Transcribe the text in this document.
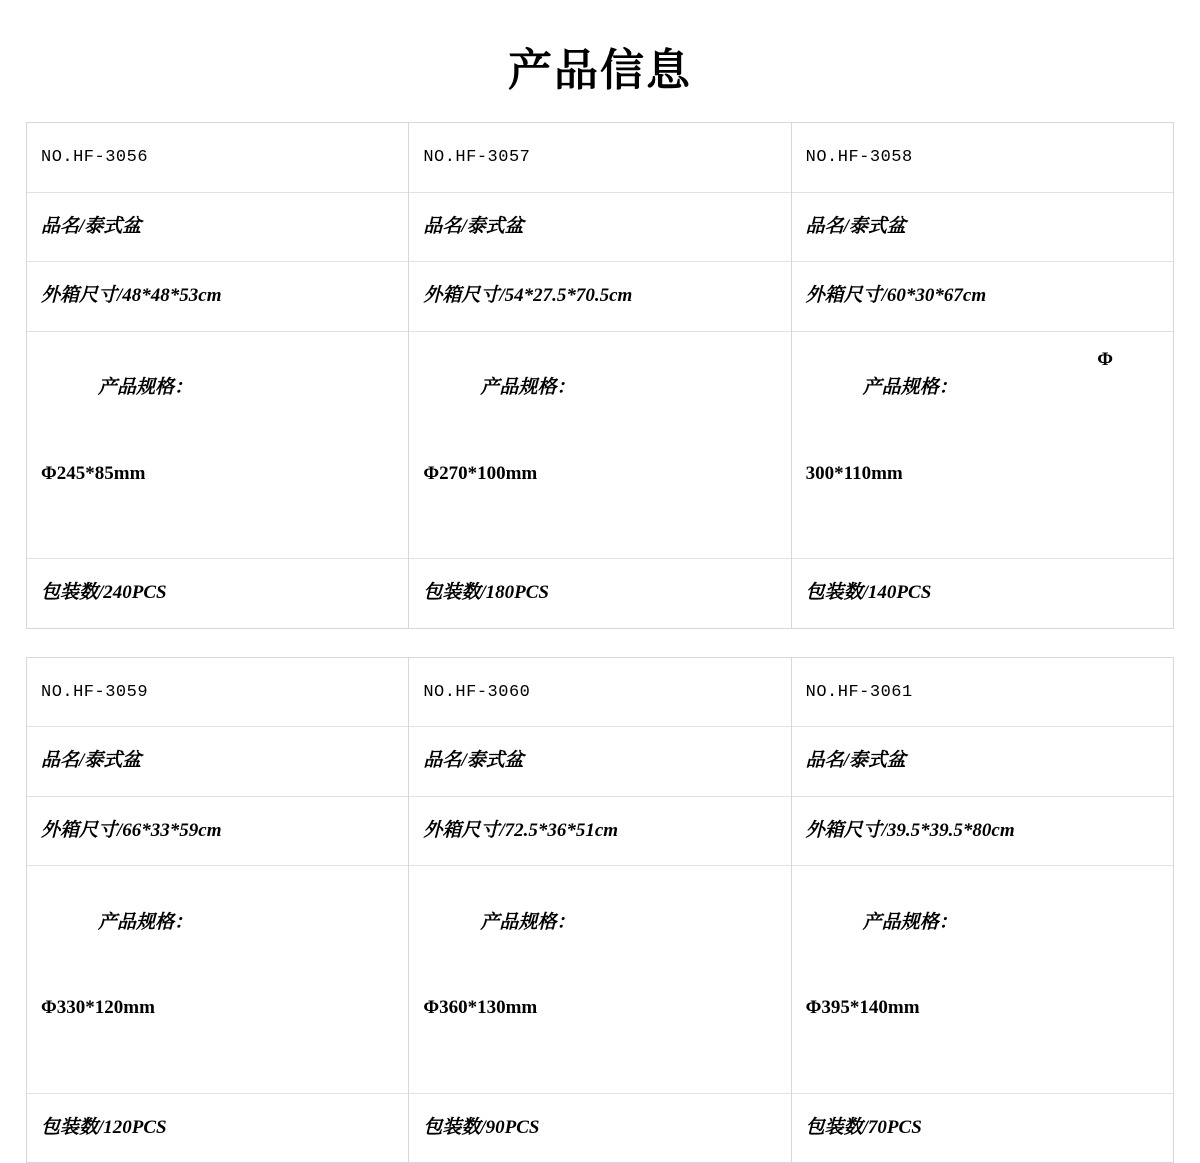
产品信息
NO.HF-3056
品名/泰式盆
外箱尺寸/48*48*53cm

产品规格：

Φ245*85mm

包装数/240PCS

NO.HF-3057
品名/泰式盆
外箱尺寸/54*27.5*70.5cm

产品规格：

Φ270*100mm

包装数/180PCS

NO.HF-3058
品名/泰式盆
外箱尺寸/60*30*67cm

产品规格：

Φ

300*110mm

包装数/140PCS

NO.HF-3059
品名/泰式盆
外箱尺寸/66*33*59cm

产品规格：

Φ330*120mm

包装数/120PCS

NO.HF-3060
品名/泰式盆
外箱尺寸/72.5*36*51cm

产品规格：

Φ360*130mm

包装数/90PCS

NO.HF-3061
品名/泰式盆
外箱尺寸/39.5*39.5*80cm

产品规格：

Φ395*140mm

包装数/70PCS
